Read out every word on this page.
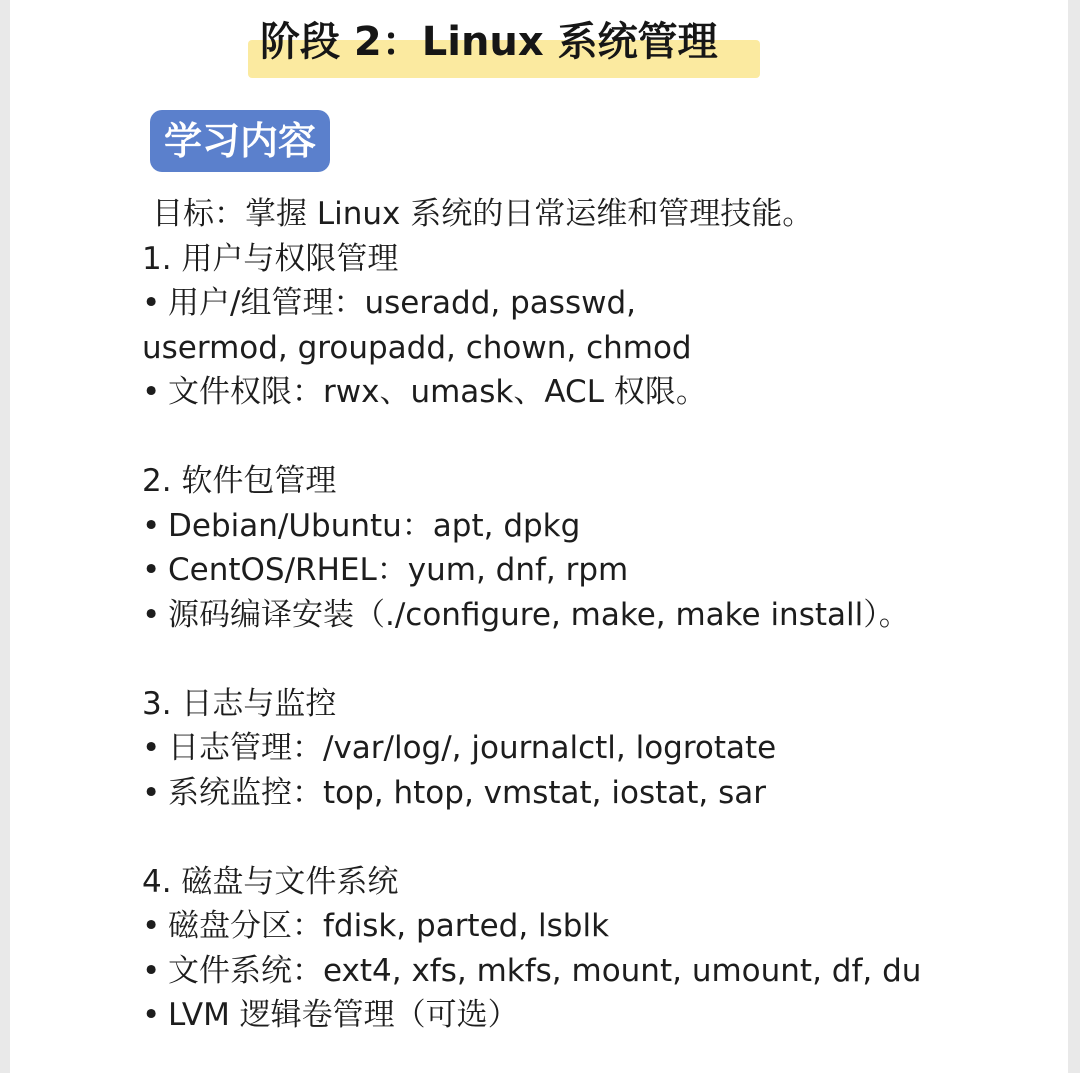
阶段 2：Linux 系统管理
学习内容
目标：掌握 Linux 系统的日常运维和管理技能。
1. 用户与权限管理
• 用户/组管理：useradd, passwd,
usermod, groupadd, chown, chmod
• 文件权限：rwx、umask、ACL 权限。
2. 软件包管理
• Debian/Ubuntu：apt, dpkg
• CentOS/RHEL：yum, dnf, rpm
• 源码编译安装（./configure, make, make install）。
3. 日志与监控
• 日志管理：/var/log/, journalctl, logrotate
• 系统监控：top, htop, vmstat, iostat, sar
4. 磁盘与文件系统
• 磁盘分区：fdisk, parted, lsblk
• 文件系统：ext4, xfs, mkfs, mount, umount, df, du
• LVM 逻辑卷管理（可选）
